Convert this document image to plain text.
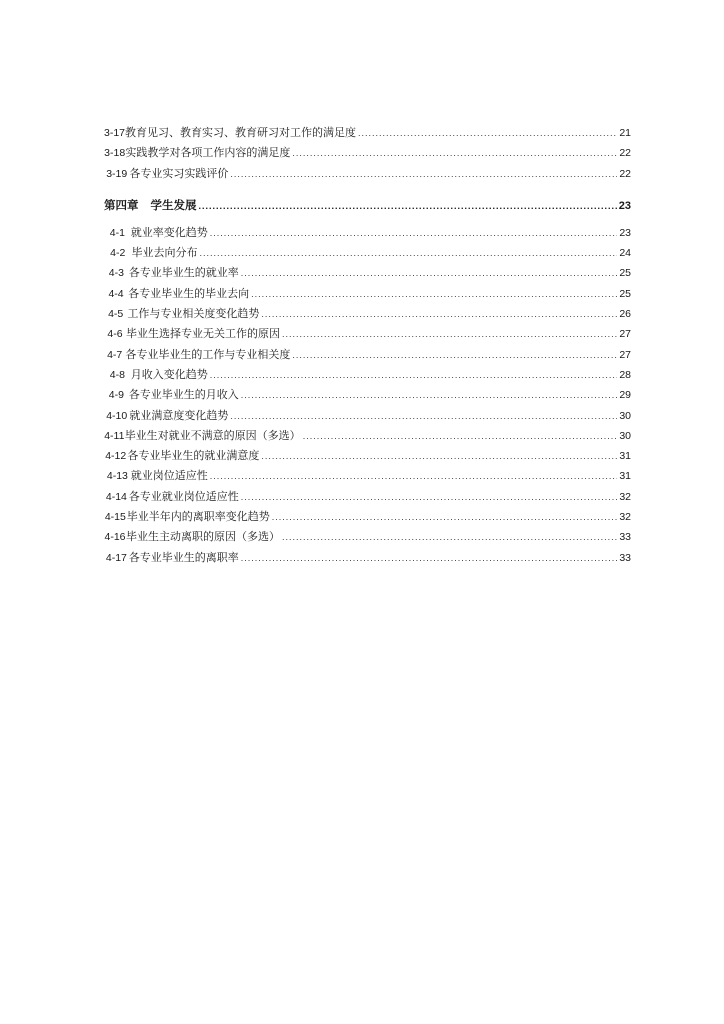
3-17 教育见习、教育实习、教育研习对工作的满足度 .....	21
3-18 实践教学对各项工作内容的满足度 .....	22
3-19 各专业实习实践评价 .....	22
第四章	学生发展 .....	23
4-1 就业率变化趋势 .....	23
4-2 毕业去向分布 .....	24
4-3 各专业毕业生的就业率 .....	25
4-4 各专业毕业生的毕业去向 .....	25
4-5 工作与专业相关度变化趋势 .....	26
4-6 毕业生选择专业无关工作的原因 .....	27
4-7 各专业毕业生的工作与专业相关度 .....	27
4-8 月收入变化趋势 .....	28
4-9 各专业毕业生的月收入 .....	29
4-10 就业满意度变化趋势 .....	30
4-11 毕业生对就业不满意的原因（多选） .....	30
4-12 各专业毕业生的就业满意度 .....	31
4-13 就业岗位适应性 .....	31
4-14 各专业就业岗位适应性 .....	32
4-15 毕业半年内的离职率变化趋势 .....	32
4-16 毕业生主动离职的原因（多选） .....	33
4-17 各专业毕业生的离职率 .....	33
